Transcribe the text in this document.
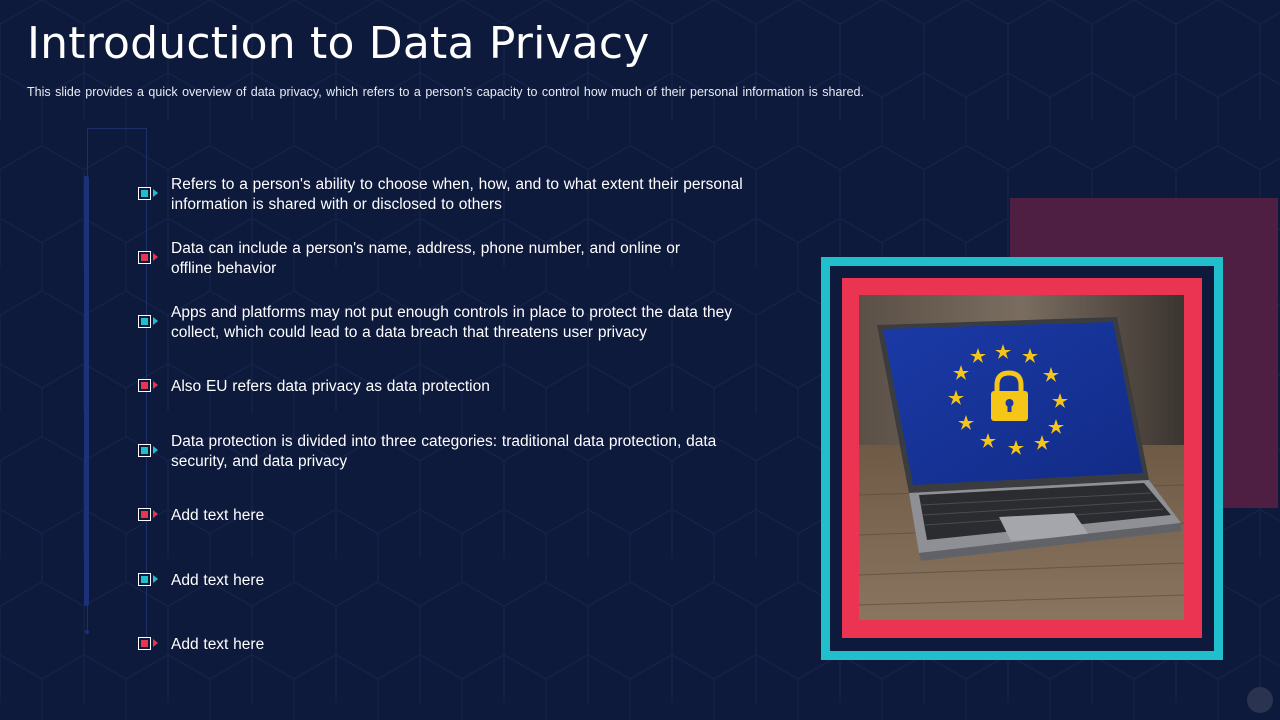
Introduction to Data Privacy

This slide provides a quick overview of data privacy, which refers to a person's capacity to control how much of their personal information is shared.

Refers to a person's ability to choose when, how, and to what extent their personal information is shared with or disclosed to others
Data can include a person's name, address, phone number, and online or offline behavior
Apps and platforms may not put enough controls in place to protect the data they collect, which could lead to a data breach that threatens user privacy
Also EU refers data privacy as data protection
Data protection is divided into three categories: traditional data protection, data security, and data privacy
Add text here
Add text here
Add text here
